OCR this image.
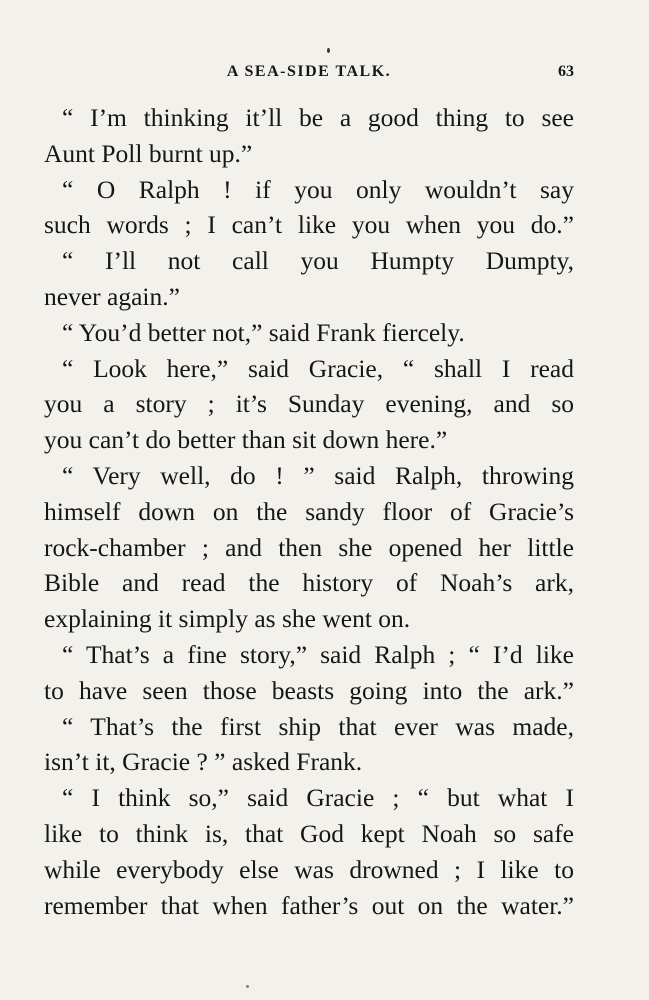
A SEA-SIDE TALK.	63
“ I’m thinking it’ll be a good thing to see
Aunt Poll burnt up.”
“ O Ralph ! if you only wouldn’t say
such words ; I can’t like you when you do.”
“ I’ll not call you Humpty Dumpty,
never again.”
“ You’d better not,” said Frank fiercely.
“ Look here,” said Gracie, “ shall I read
you a story ; it’s Sunday evening, and so
you can’t do better than sit down here.”
“ Very well, do ! ” said Ralph, throwing
himself down on the sandy floor of Gracie’s
rock-chamber ; and then she opened her little
Bible and read the history of Noah’s ark,
explaining it simply as she went on.
“ That’s a fine story,” said Ralph ; “ I’d like
to have seen those beasts going into the ark.”
“ That’s the first ship that ever was made,
isn’t it, Gracie ? ” asked Frank.
“ I think so,” said Gracie ; “ but what I
like to think is, that God kept Noah so safe
while everybody else was drowned ; I like to
remember that when father’s out on the water.”
